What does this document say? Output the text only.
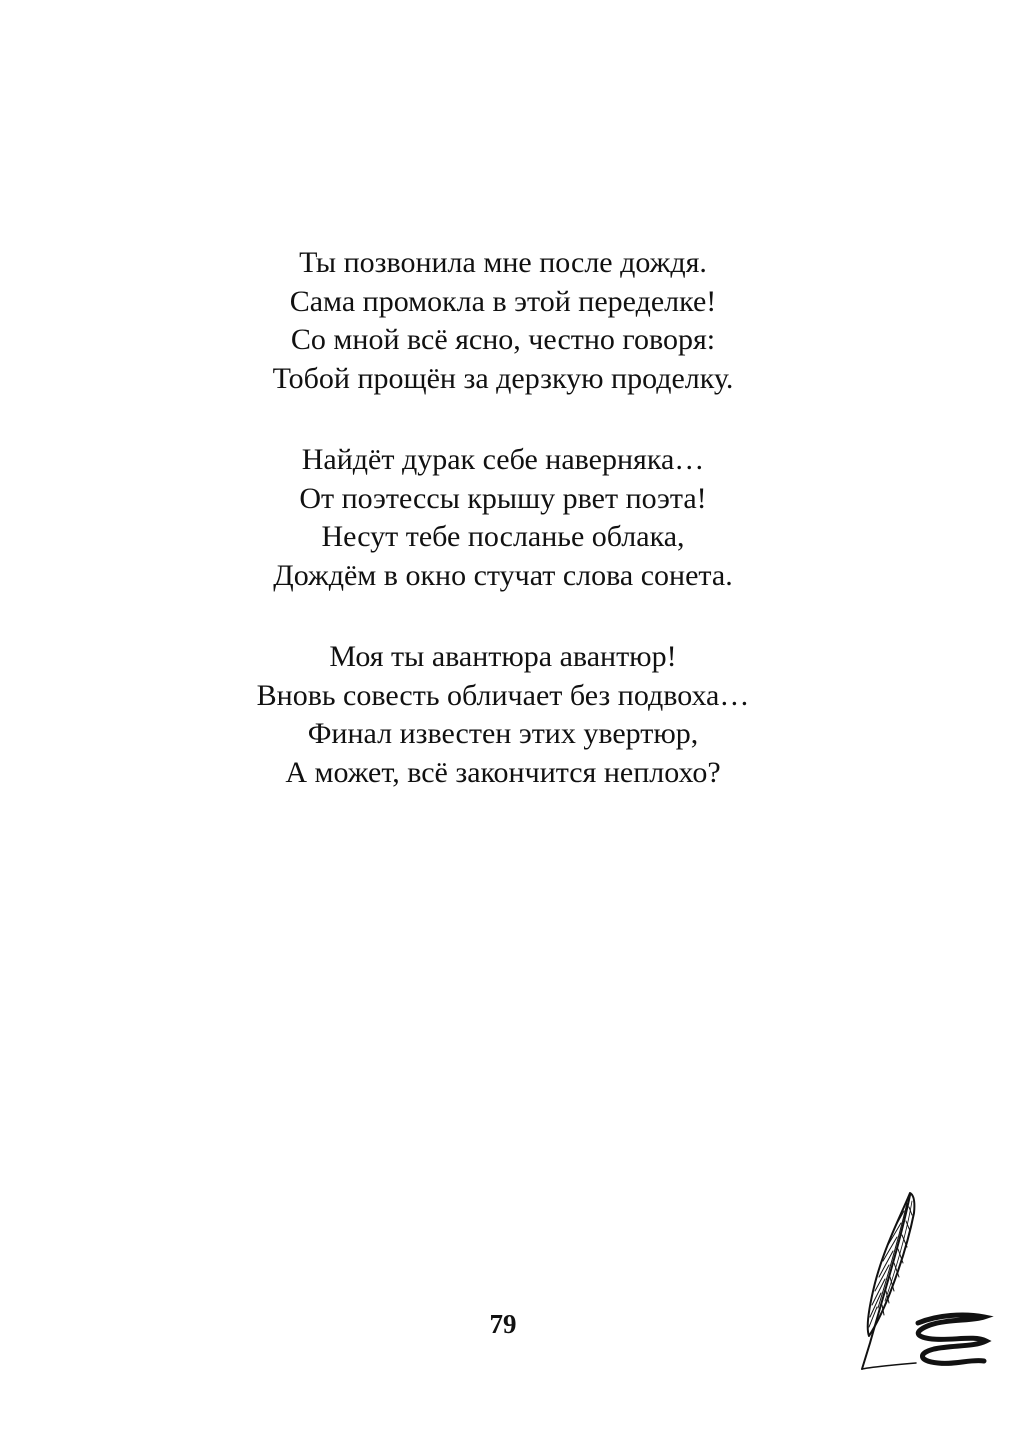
Ты позвонила мне после дождя.
Сама промокла в этой переделке!
Со мной всё ясно, честно говоря:
Тобой прощён за дерзкую проделку.
Найдёт дурак себе наверняка…
От поэтессы крышу рвет поэта!
Несут тебе посланье облака,
Дождём в окно стучат слова сонета.
Моя ты авантюра авантюр!
Вновь совесть обличает без подвоха…
Финал известен этих увертюр,
А может, всё закончится неплохо?
79
